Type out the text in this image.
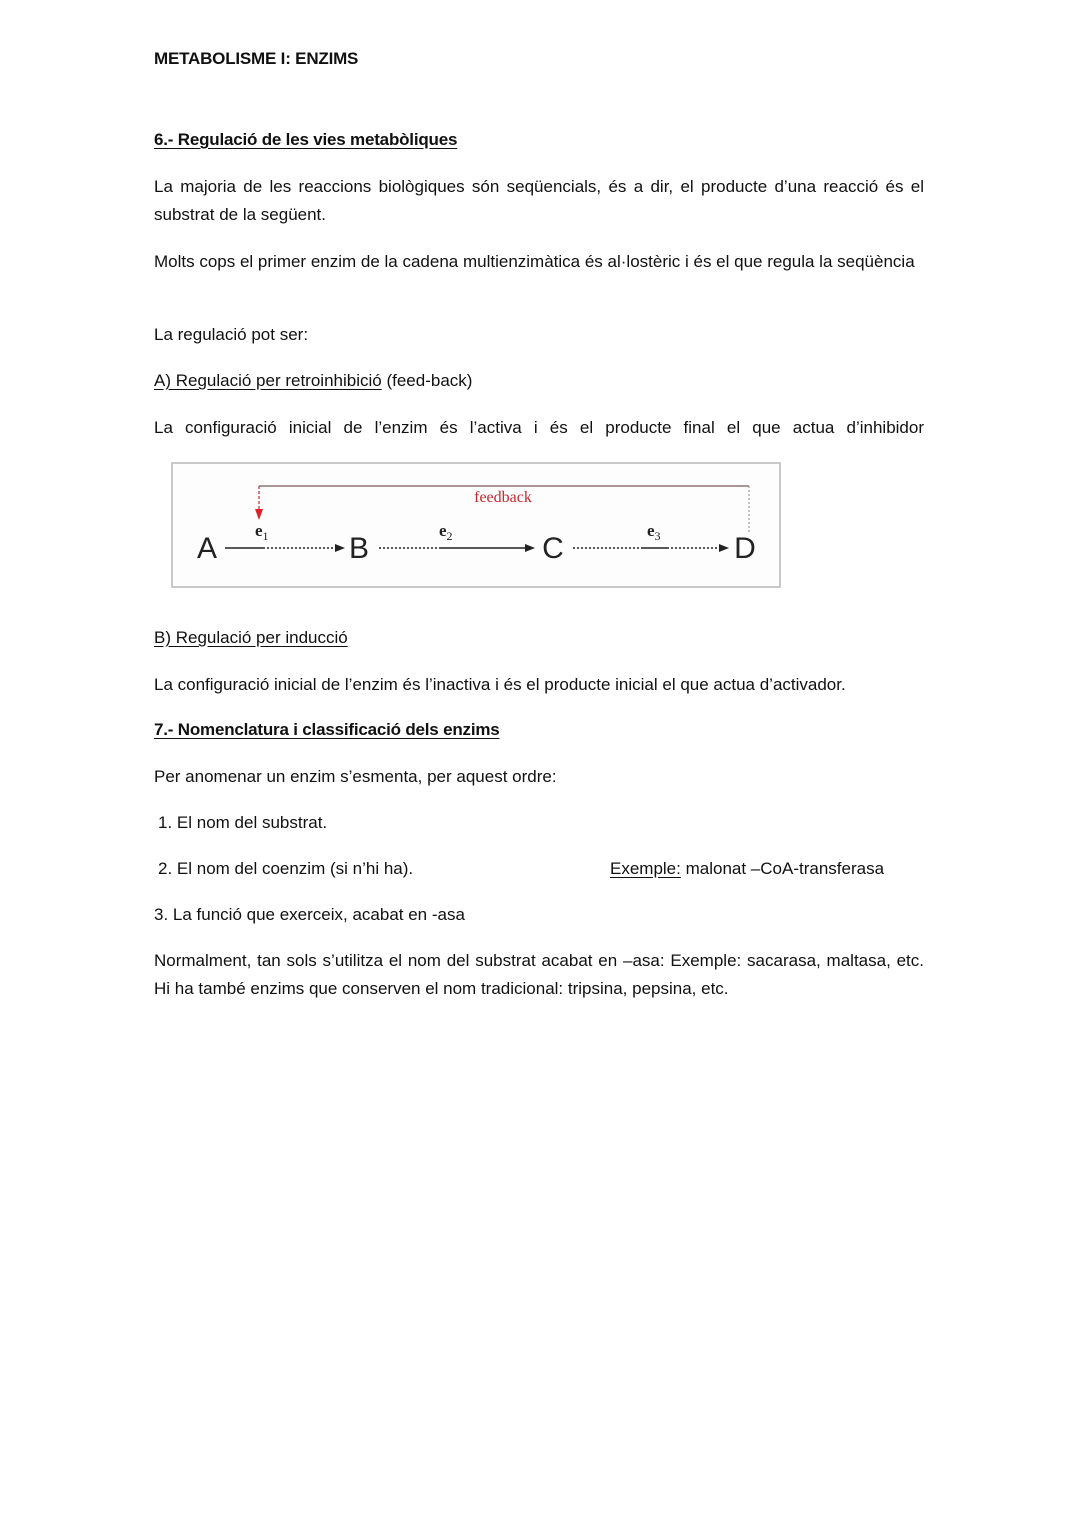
METABOLISME I: ENZIMS
6.- Regulació de les vies metabòliques
La majoria de les reaccions biològiques són seqüencials, és a dir, el producte d’una reacció és el substrat de la següent.
Molts cops el primer enzim de la cadena multienzimàtica és al·lostèric i és el que regula la seqüència
La regulació pot ser:
A) Regulació per retroinhibició (feed-back)
La configuració inicial de l’enzim és l’activa i és el producte final el que actua d’inhibidor
B) Regulació per inducció
La configuració inicial de l’enzim és l’inactiva i és el producte inicial el que actua d’activador.
7.- Nomenclatura i classificació dels enzims
Per anomenar un enzim s’esmenta, per aquest ordre:
1. El nom del substrat.
2. El nom del coenzim (si n’hi ha).	Exemple: malonat –CoA-transferasa
3. La funció que exerceix, acabat en -asa
Normalment, tan sols s’utilitza el nom del substrat acabat en –asa: Exemple: sacarasa, maltasa, etc. Hi ha també enzims que conserven el nom tradicional: tripsina, pepsina, etc.
feedback
A	B	C	D
$e_1$	$e_2$	$e_3$
